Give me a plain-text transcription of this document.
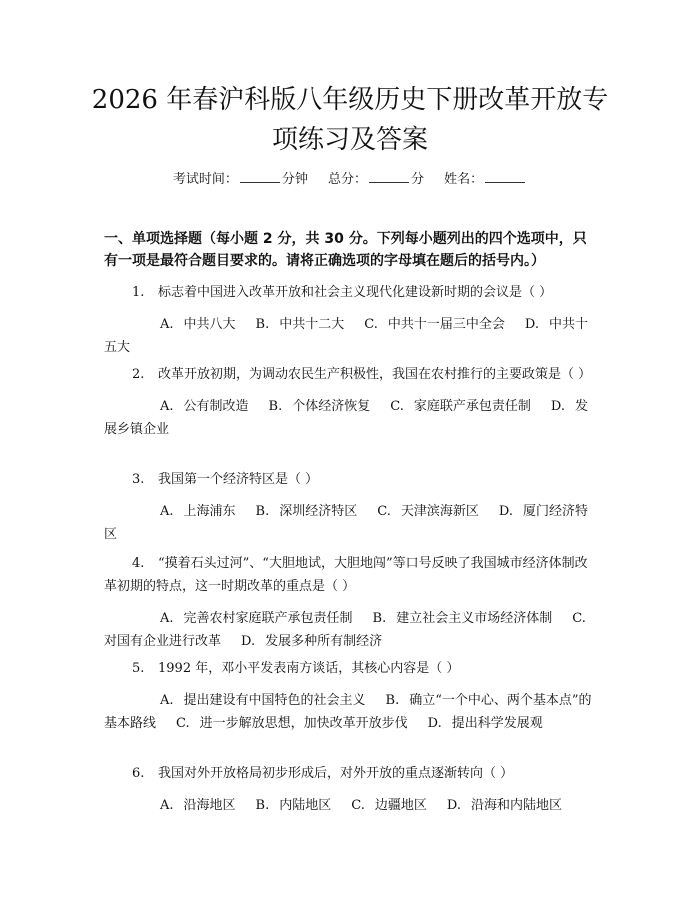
2026 年春沪科版八年级历史下册改革开放专
项练习及答案
考试时间：	分钟 总分：	分 姓名：
一、单项选择题（每小题 2 分，共 30 分。下列每小题列出的四个选项中，只有一项是最符合题目要求的。请将正确选项的字母填在题后的括号内。）
1. 标志着中国进入改革开放和社会主义现代化建设新时期的会议是（ ）
A. 中共八大 B. 中共十二大 C. 中共十一届三中全会 D. 中共十五大
2. 改革开放初期，为调动农民生产积极性，我国在农村推行的主要政策是（ ）
A. 公有制改造 B. 个体经济恢复 C. 家庭联产承包责任制 D. 发展乡镇企业
3. 我国第一个经济特区是（ ）
A. 上海浦东 B. 深圳经济特区 C. 天津滨海新区 D. 厦门经济特区
4. “摸着石头过河”、“大胆地试，大胆地闯”等口号反映了我国城市经济体制改革初期的特点，这一时期改革的重点是（ ）
A. 完善农村家庭联产承包责任制 B. 建立社会主义市场经济体制 C.对国有企业进行改革 D. 发展多种所有制经济
5. 1992 年，邓小平发表南方谈话，其核心内容是（ ）
A. 提出建设有中国特色的社会主义 B. 确立“一个中心、两个基本点”的基本路线 C. 进一步解放思想，加快改革开放步伐 D. 提出科学发展观
6. 我国对外开放格局初步形成后，对外开放的重点逐渐转向（ ）
A. 沿海地区 B. 内陆地区 C. 边疆地区 D. 沿海和内陆地区
